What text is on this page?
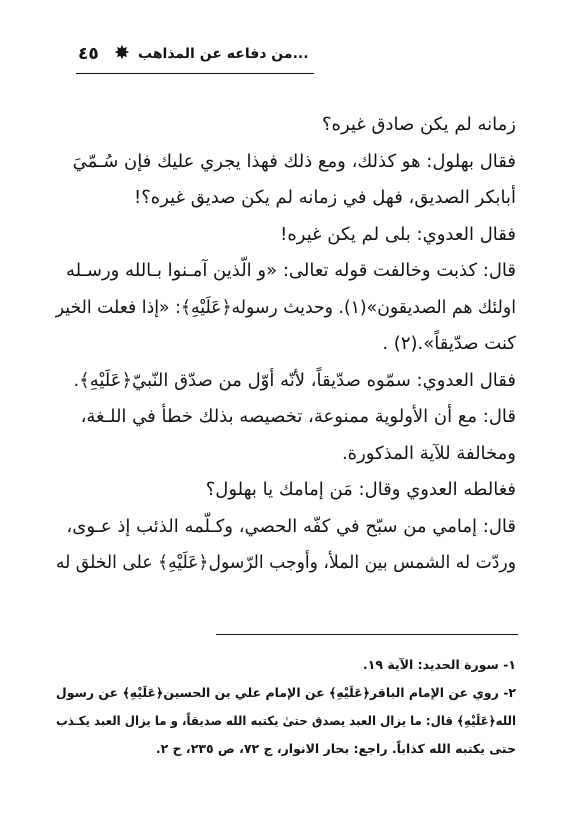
٤٥ ✸ ...من دفاعه عن المذاهب

زمانه لم يكن صادق غيره؟

فقال بهلول: هو كذلك، ومع ذلك فهذا يجري عليك فإن سُـمّيَ

أبابكر الصديق، فهل في زمانه لم يكن صديق غيره؟!

فقال العدوي: بلى لم يكن غيره!

قال: كذبت وخالفت قوله تعالى: «و الّذين آمـنوا بـالله ورسـله

اولئك هم الصديقون»(١). وحديث رسوله﴿عَلَيْهِ﴾: «إذا فعلت الخير

كنت صدّيقاً».(٢) .

فقال العدوي: سمّوه صدّيقاً، لأنّه أوّل من صدّق النّبيّ﴿عَلَيْهِ﴾.

قال: مع أن الأولوية ممنوعة، تخصيصه بذلك خطأ في اللـغة،

ومخالفة للآية المذكورة.

فغالطه العدوي وقال: مَن إمامك يا بهلول؟

قال: إمامي من سبّح في كفّه الحصي، وكـلّمه الذئب إذ عـوى،

وردّت له الشمس بين الملأ، وأوجب الرّسول﴿عَلَيْهِ﴾ على الخلق له

١- سورة الحديد: الآية ١٩.

٢- روي عن الإمام الباقر﴿عَلَيْهِ﴾ عن الإمام علي بن الحسين﴿عَلَيْهِ﴾ عن رسول

الله﴿عَلَيْهِ﴾ قال: ما يزال العبد يصدق حتىٰ يكتبه الله صديقاً، و ما يزال العبد يكـذب

حتى يكتبه الله كذاباً. راجع: بحار الانوار، ج ٧٢، ص ٢٣٥، ح ٢.
